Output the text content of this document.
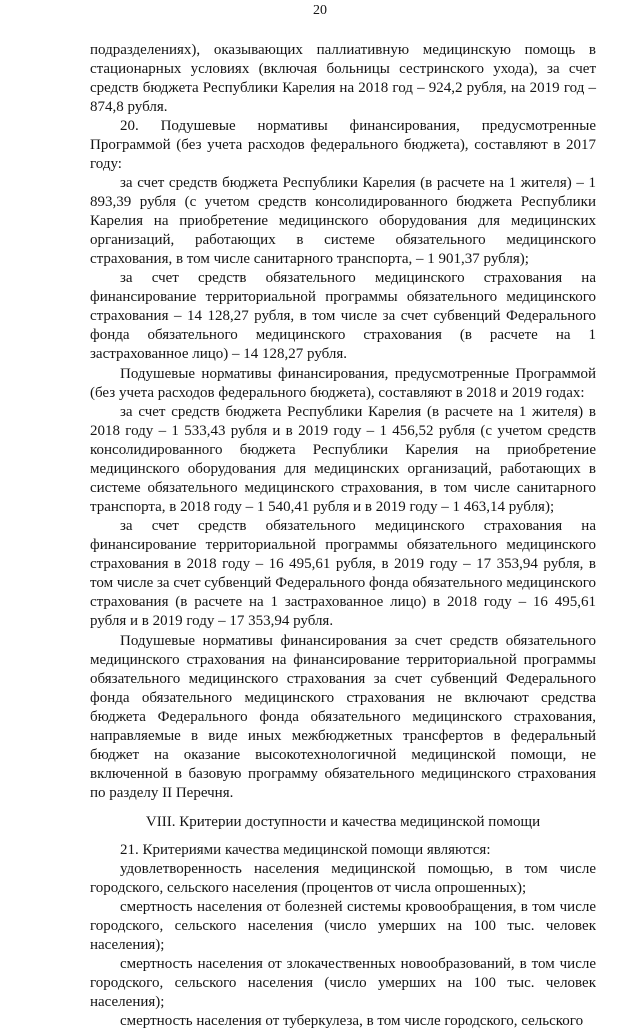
20

подразделениях), оказывающих паллиативную медицинскую помощь в стационарных условиях (включая больницы сестринского ухода), за счет средств бюджета Республики Карелия на 2018 год – 924,2 рубля, на 2019 год – 874,8 рубля.

20. Подушевые нормативы финансирования, предусмотренные Программой (без учета расходов федерального бюджета), составляют в 2017 году:

за счет средств бюджета Республики Карелия (в расчете на 1 жителя) – 1 893,39 рубля (с учетом средств консолидированного бюджета Республики Карелия на приобретение медицинского оборудования для медицинских организаций, работающих в системе обязательного медицинского страхования, в том числе санитарного транспорта, – 1 901,37 рубля);

за счет средств обязательного медицинского страхования на финансирование территориальной программы обязательного медицинского страхования – 14 128,27 рубля, в том числе за счет субвенций Федерального фонда обязательного медицинского страхования (в расчете на 1 застрахованное лицо) – 14 128,27 рубля.

Подушевые нормативы финансирования, предусмотренные Программой (без учета расходов федерального бюджета), составляют в 2018 и 2019 годах:

за счет средств бюджета Республики Карелия (в расчете на 1 жителя) в 2018 году – 1 533,43 рубля и в 2019 году – 1 456,52 рубля (с учетом средств консолидированного бюджета Республики Карелия на приобретение медицинского оборудования для медицинских организаций, работающих в системе обязательного медицинского страхования, в том числе санитарного транспорта, в 2018 году – 1 540,41 рубля и в 2019 году – 1 463,14 рубля);

за счет средств обязательного медицинского страхования на финансирование территориальной программы обязательного медицинского страхования в 2018 году – 16 495,61 рубля, в 2019 году – 17 353,94 рубля, в том числе за счет субвенций Федерального фонда обязательного медицинского страхования (в расчете на 1 застрахованное лицо) в 2018 году – 16 495,61 рубля и в 2019 году – 17 353,94 рубля.

Подушевые нормативы финансирования за счет средств обязательного медицинского страхования на финансирование территориальной программы обязательного медицинского страхования за счет субвенций Федерального фонда обязательного медицинского страхования не включают средства бюджета Федерального фонда обязательного медицинского страхования, направляемые в виде иных межбюджетных трансфертов в федеральный бюджет на оказание высокотехнологичной медицинской помощи, не включенной в базовую программу обязательного медицинского страхования по разделу II Перечня.

VIII. Критерии доступности и качества медицинской помощи

21. Критериями качества медицинской помощи являются:

удовлетворенность населения медицинской помощью, в том числе городского, сельского населения (процентов от числа опрошенных);

смертность населения от болезней системы кровообращения, в том числе городского, сельского населения (число умерших на 100 тыс. человек населения);

смертность населения от злокачественных новообразований, в том числе городского, сельского населения (число умерших на 100 тыс. человек населения);

смертность населения от туберкулеза, в том числе городского, сельского
